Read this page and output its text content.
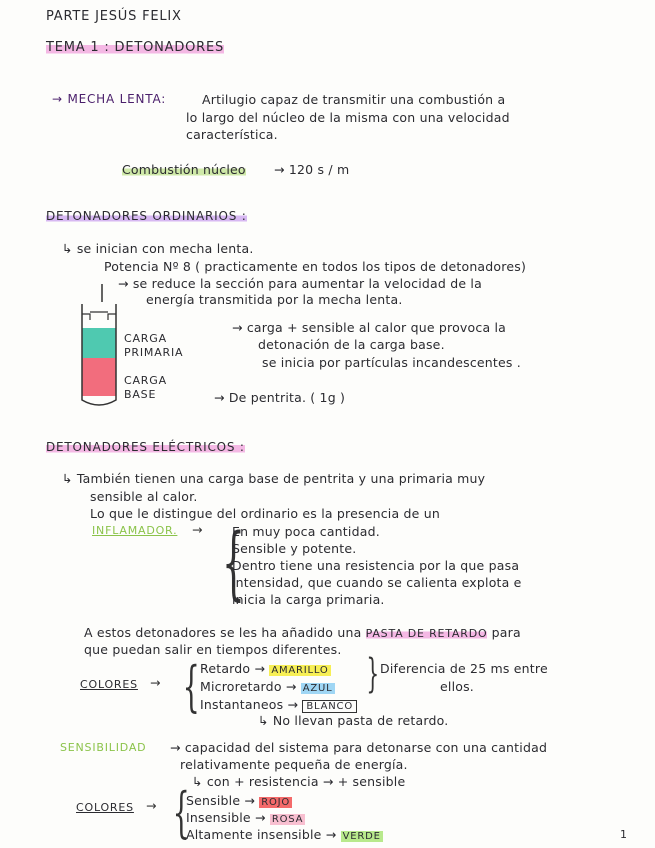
PARTE JESÚS FELIX
TEMA 1 : DETONADORES
→ MECHA LENTA:	Artilugio capaz de transmitir una combustión a
lo largo del núcleo de la misma con una velocidad
característica.
Combustión núcleo → 120 s / m
DETONADORES ORDINARIOS :
↳ se inician con mecha lenta.
Potencia Nº 8 ( practicamente en todos los tipos de detonadores)
→ se reduce la sección para aumentar la velocidad de la
energía transmitida por la mecha lenta.
CARGA PRIMARIA
→ carga + sensible al calor que provoca la
detonación de la carga base.
se inicia por partículas incandescentes .
CARGA BASE	→ De pentrita. ( 1g )
DETONADORES ELÉCTRICOS :
↳ También tienen una carga base de pentrita y una primaria muy
sensible al calor.
Lo que le distingue del ordinario es la presencia de un
INFLAMADOR. → {
En muy poca cantidad.
Sensible y potente.
Dentro tiene una resistencia por la que pasa
intensidad, que cuando se calienta explota e
inicia la carga primaria.
A estos detonadores se les ha añadido una PASTA DE RETARDO para
que puedan salir en tiempos diferentes.
COLORES → { Retardo → AMARILLO
Microretardo → AZUL
Instantaneos → BLANCO
{ Diferencia de 25 ms entre
ellos.
↳ No llevan pasta de retardo.
SENSIBILIDAD → capacidad del sistema para detonarse con una cantidad
relativamente pequeña de energía.
↳ con + resistencia → + sensible
COLORES → {
Sensible → ROJO
Insensible → ROSA
Altamente insensible → VERDE	1
